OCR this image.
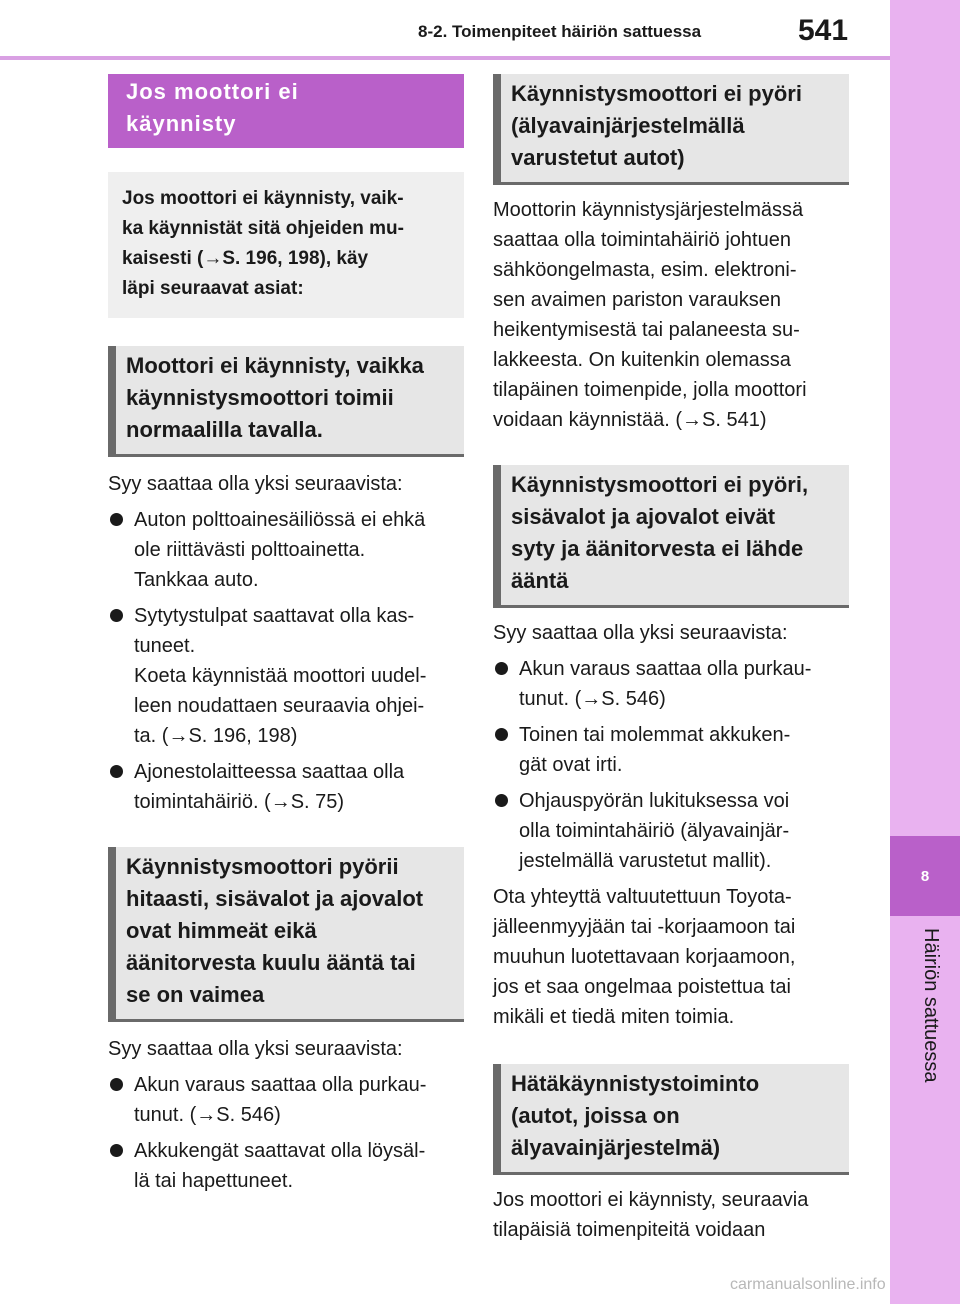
8-2. Toimenpiteet häiriön sattuessa	541
8
Häiriön sattuessa
Jos moottori ei
käynnisty
Jos moottori ei käynnisty, vaik-
ka käynnistät sitä ohjeiden mu-
kaisesti (→S. 196, 198), käy
läpi seuraavat asiat:
Moottori ei käynnisty, vaikka
käynnistysmoottori toimii
normaalilla tavalla.

Syy saattaa olla yksi seuraavista:

Auton polttoainesäiliössä ei ehkä
ole riittävästi polttoainetta.
Tankkaa auto.
Sytytystulpat saattavat olla kas-
tuneet.
Koeta käynnistää moottori uudel-
leen noudattaen seuraavia ohjei-
ta. (→S. 196, 198)
Ajonestolaitteessa saattaa olla
toimintahäiriö. (→S. 75)
Käynnistysmoottori pyörii
hitaasti, sisävalot ja ajovalot
ovat himmeät eikä
äänitorvesta kuulu ääntä tai
se on vaimea

Syy saattaa olla yksi seuraavista:

Akun varaus saattaa olla purkau-
tunut. (→S. 546)
Akkukengät saattavat olla löysäl-
lä tai hapettuneet.
Käynnistysmoottori ei pyöri
(älyavainjärjestelmällä
varustetut autot)

Moottorin käynnistysjärjestelmässä
saattaa olla toimintahäiriö johtuen
sähköongelmasta, esim. elektroni-
sen avaimen pariston varauksen
heikentymisestä tai palaneesta su-
lakkeesta. On kuitenkin olemassa
tilapäinen toimenpide, jolla moottori
voidaan käynnistää. (→S. 541)

Käynnistysmoottori ei pyöri,
sisävalot ja ajovalot eivät
syty ja äänitorvesta ei lähde
ääntä

Syy saattaa olla yksi seuraavista:

Akun varaus saattaa olla purkau-
tunut. (→S. 546)
Toinen tai molemmat akkuken-
gät ovat irti.
Ohjauspyörän lukituksessa voi
olla toimintahäiriö (älyavainjär-
jestelmällä varustetut mallit).

Ota yhteyttä valtuutettuun Toyota-
jälleenmyyjään tai -korjaamoon tai
muuhun luotettavaan korjaamoon,
jos et saa ongelmaa poistettua tai
mikäli et tiedä miten toimia.

Hätäkäynnistystoiminto
(autot, joissa on
älyavainjärjestelmä)

Jos moottori ei käynnisty, seuraavia
tilapäisiä toimenpiteitä voidaan

carmanualsonline.info
